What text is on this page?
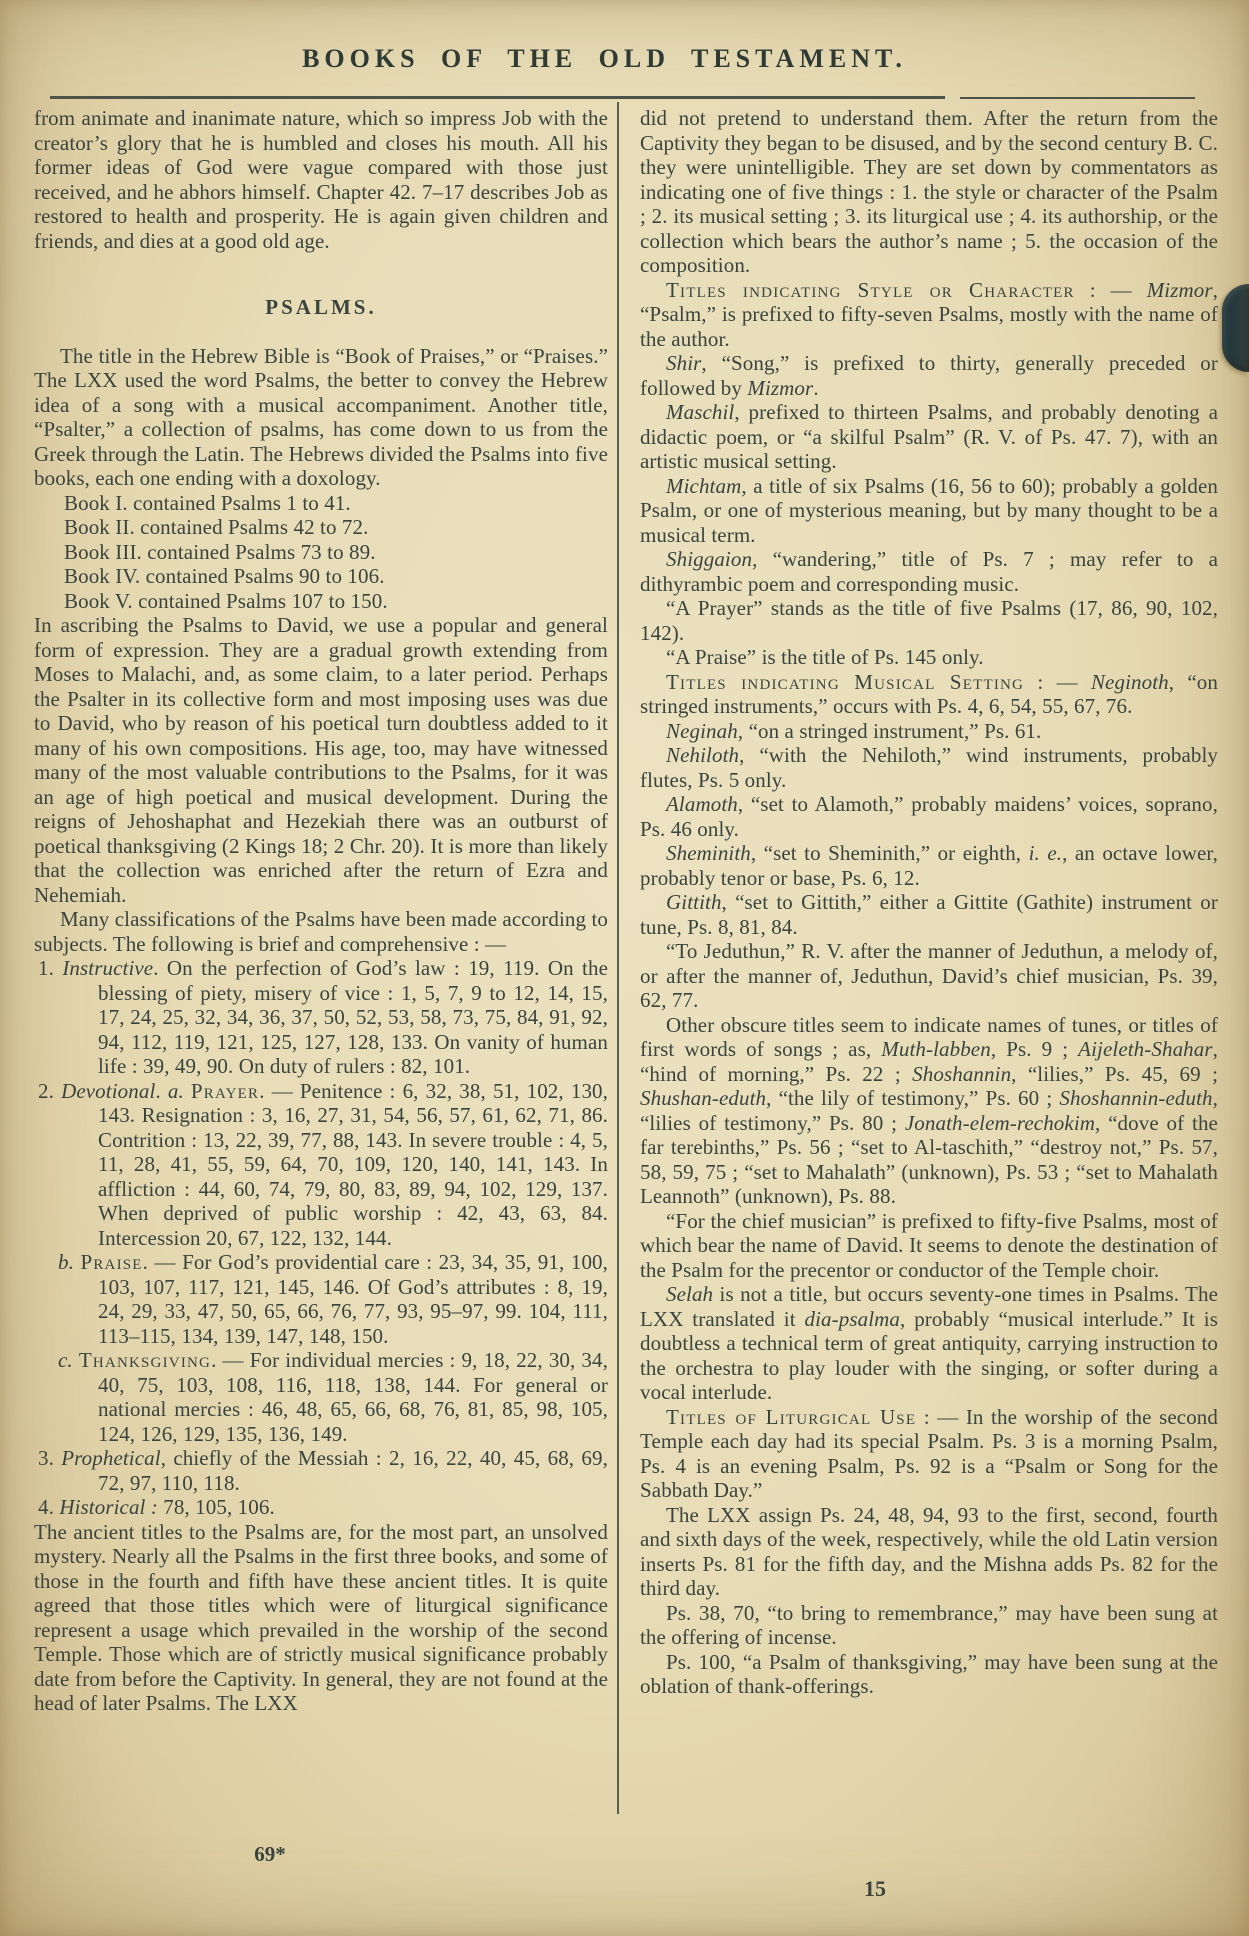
BOOKS OF THE OLD TESTAMENT.

from animate and inanimate nature, which so impress Job with the creator’s glory that he is humbled and closes his mouth. All his former ideas of God were vague compared with those just received, and he abhors himself. Chapter 42. 7–17 describes Job as restored to health and prosperity. He is again given children and friends, and dies at a good old age.

PSALMS.

The title in the Hebrew Bible is “Book of Praises,” or “Praises.” The LXX used the word Psalms, the better to convey the Hebrew idea of a song with a musical accompaniment. Another title, “Psalter,” a collection of psalms, has come down to us from the Greek through the Latin. The Hebrews divided the Psalms into five books, each one ending with a doxology.

Book I. contained Psalms 1 to 41.

Book II. contained Psalms 42 to 72.

Book III. contained Psalms 73 to 89.

Book IV. contained Psalms 90 to 106.

Book V. contained Psalms 107 to 150.

In ascribing the Psalms to David, we use a popular and general form of expression. They are a gradual growth extending from Moses to Malachi, and, as some claim, to a later period. Perhaps the Psalter in its collective form and most imposing uses was due to David, who by reason of his poetical turn doubtless added to it many of his own compositions. His age, too, may have witnessed many of the most valuable contributions to the Psalms, for it was an age of high poetical and musical development. During the reigns of Jehoshaphat and Hezekiah there was an outburst of poetical thanksgiving (2 Kings 18; 2 Chr. 20). It is more than likely that the collection was enriched after the return of Ezra and Nehemiah.

Many classifications of the Psalms have been made according to subjects. The following is brief and comprehensive : —

1. Instructive. On the perfection of God’s law : 19, 119. On the blessing of piety, misery of vice : 1, 5, 7, 9 to 12, 14, 15, 17, 24, 25, 32, 34, 36, 37, 50, 52, 53, 58, 73, 75, 84, 91, 92, 94, 112, 119, 121, 125, 127, 128, 133. On vanity of human life : 39, 49, 90. On duty of rulers : 82, 101.

2. Devotional. a. Prayer. — Penitence : 6, 32, 38, 51, 102, 130, 143. Resignation : 3, 16, 27, 31, 54, 56, 57, 61, 62, 71, 86. Contrition : 13, 22, 39, 77, 88, 143. In severe trouble : 4, 5, 11, 28, 41, 55, 59, 64, 70, 109, 120, 140, 141, 143. In affliction : 44, 60, 74, 79, 80, 83, 89, 94, 102, 129, 137. When deprived of public worship : 42, 43, 63, 84. Intercession 20, 67, 122, 132, 144.

b. Praise. — For God’s providential care : 23, 34, 35, 91, 100, 103, 107, 117, 121, 145, 146. Of God’s attributes : 8, 19, 24, 29, 33, 47, 50, 65, 66, 76, 77, 93, 95–97, 99. 104, 111, 113–115, 134, 139, 147, 148, 150.

c. Thanksgiving. — For individual mercies : 9, 18, 22, 30, 34, 40, 75, 103, 108, 116, 118, 138, 144. For general or national mercies : 46, 48, 65, 66, 68, 76, 81, 85, 98, 105, 124, 126, 129, 135, 136, 149.

3. Prophetical, chiefly of the Messiah : 2, 16, 22, 40, 45, 68, 69, 72, 97, 110, 118.

4. Historical : 78, 105, 106.

The ancient titles to the Psalms are, for the most part, an unsolved mystery. Nearly all the Psalms in the first three books, and some of those in the fourth and fifth have these ancient titles. It is quite agreed that those titles which were of liturgical significance represent a usage which prevailed in the worship of the second Temple. Those which are of strictly musical significance probably date from before the Captivity. In general, they are not found at the head of later Psalms. The LXX

did not pretend to understand them. After the return from the Captivity they began to be disused, and by the second century B. C. they were unintelligible. They are set down by commentators as indicating one of five things : 1. the style or character of the Psalm ; 2. its musical setting ; 3. its liturgical use ; 4. its authorship, or the collection which bears the author’s name ; 5. the occasion of the composition.

Titles indicating Style or Character : — Mizmor, “Psalm,” is prefixed to fifty-seven Psalms, mostly with the name of the author.

Shir, “Song,” is prefixed to thirty, generally preceded or followed by Mizmor.

Maschil, prefixed to thirteen Psalms, and probably denoting a didactic poem, or “a skilful Psalm” (R. V. of Ps. 47. 7), with an artistic musical setting.

Michtam, a title of six Psalms (16, 56 to 60); probably a golden Psalm, or one of mysterious meaning, but by many thought to be a musical term.

Shiggaion, “wandering,” title of Ps. 7 ; may refer to a dithyrambic poem and corresponding music.

“A Prayer” stands as the title of five Psalms (17, 86, 90, 102, 142).

“A Praise” is the title of Ps. 145 only.

Titles indicating Musical Setting : — Neginoth, “on stringed instruments,” occurs with Ps. 4, 6, 54, 55, 67, 76.

Neginah, “on a stringed instrument,” Ps. 61.

Nehiloth, “with the Nehiloth,” wind instruments, probably flutes, Ps. 5 only.

Alamoth, “set to Alamoth,” probably maidens’ voices, soprano, Ps. 46 only.

Sheminith, “set to Sheminith,” or eighth, i. e., an octave lower, probably tenor or base, Ps. 6, 12.

Gittith, “set to Gittith,” either a Gittite (Gathite) instrument or tune, Ps. 8, 81, 84.

“To Jeduthun,” R. V. after the manner of Jeduthun, a melody of, or after the manner of, Jeduthun, David’s chief musician, Ps. 39, 62, 77.

Other obscure titles seem to indicate names of tunes, or titles of first words of songs ; as, Muth-labben, Ps. 9 ; Aijeleth-Shahar, “hind of morning,” Ps. 22 ; Shoshannin, “lilies,” Ps. 45, 69 ; Shushan-eduth, “the lily of testimony,” Ps. 60 ; Shoshannin-eduth, “lilies of testimony,” Ps. 80 ; Jonath-elem-rechokim, “dove of the far terebinths,” Ps. 56 ; “set to Al-taschith,” “destroy not,” Ps. 57, 58, 59, 75 ; “set to Mahalath” (unknown), Ps. 53 ; “set to Mahalath Leannoth” (unknown), Ps. 88.

“For the chief musician” is prefixed to fifty-five Psalms, most of which bear the name of David. It seems to denote the destination of the Psalm for the precentor or conductor of the Temple choir.

Selah is not a title, but occurs seventy-one times in Psalms. The LXX translated it dia-psalma, probably “musical interlude.” It is doubtless a technical term of great antiquity, carrying instruction to the orchestra to play louder with the singing, or softer during a vocal interlude.

Titles of Liturgical Use : — In the worship of the second Temple each day had its special Psalm. Ps. 3 is a morning Psalm, Ps. 4 is an evening Psalm, Ps. 92 is a “Psalm or Song for the Sabbath Day.”

The LXX assign Ps. 24, 48, 94, 93 to the first, second, fourth and sixth days of the week, respectively, while the old Latin version inserts Ps. 81 for the fifth day, and the Mishna adds Ps. 82 for the third day.

Ps. 38, 70, “to bring to remembrance,” may have been sung at the offering of incense.

Ps. 100, “a Psalm of thanksgiving,” may have been sung at the oblation of thank-offerings.

69*
15
